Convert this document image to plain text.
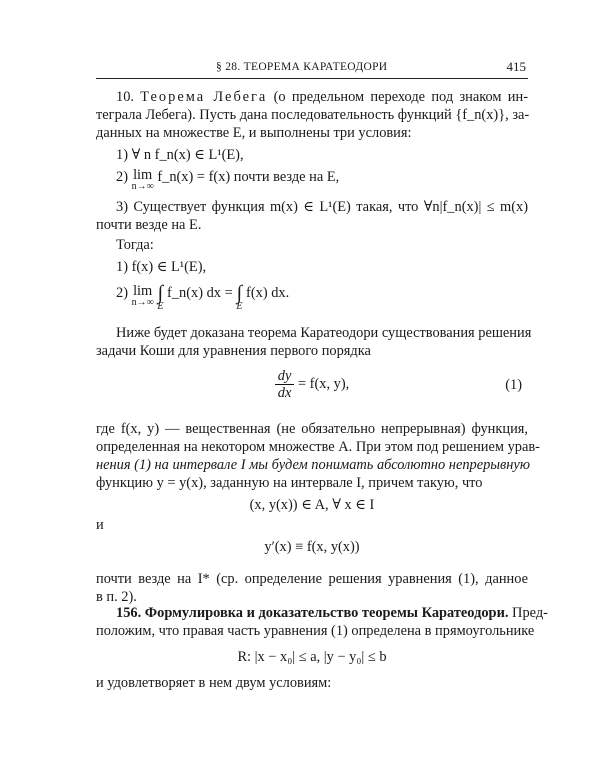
§ 28. ТЕОРЕМА КАРАТЕОДОРИ	415
10. Теорема Лебега (о предельном переходе под знаком ин-
теграла Лебега). Пусть дана последовательность функций {f_n(x)}, за-
данных на множестве E, и выполнены три условия:
1) ∀ n f_n(x) ∈ L¹(E),
2) lim
n→∞
f_n(x) = f(x) почти везде на E,
3) Существует функция m(x) ∈ L¹(E) такая, что ∀n|f_n(x)| ≤ m(x)
почти везде на E.
Тогда:
1) f(x) ∈ L¹(E),
2) lim
n→∞
∫
E
f_n(x) dx = ∫
E
f(x) dx.
Ниже будет доказана теорема Каратеодори существования решения
задачи Коши для уравнения первого порядка
$\frac{dy}{dx} = f(x$, y),	(1)
где f(x, y) — вещественная (не обязательно непрерывная) функция,
определенная на некотором множестве A. При этом под решением урав-
нения (1) на интервале I мы будем понимать абсолютно непрерывную
функцию y = y(x), заданную на интервале I, причем такую, что
(x, y(x)) ∈ A, ∀ x ∈ I
и
y′(x) ≡ f(x, y(x))
почти везде на I* (ср. определение решения уравнения (1), данное
в п. 2).
156. Формулировка и доказательство теоремы Каратеодори. Пред-
положим, что правая часть уравнения (1) определена в прямоугольнике
R: |x − x₀| ≤ a, |y − y₀| ≤ b
и удовлетворяет в нем двум условиям:
